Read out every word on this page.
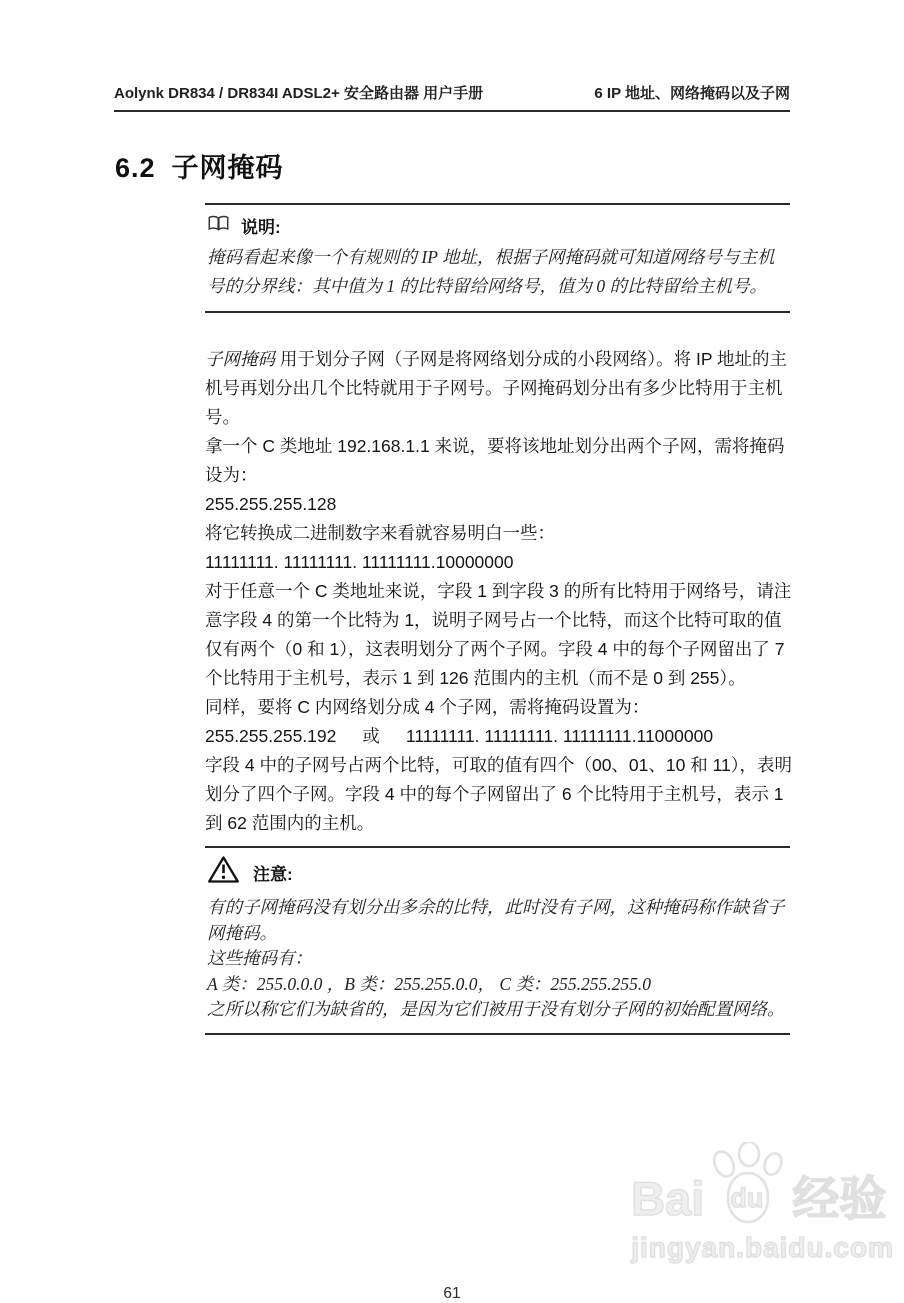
Aolynk DR834 / DR834I ADSL2+ 安全路由器 用户手册	6 IP 地址、网络掩码以及子网
6.2 子网掩码
说明:
掩码看起来像一个有规则的 IP 地址，根据子网掩码就可知道网络号与主机号的分界线：其中值为 1 的比特留给网络号，值为 0 的比特留给主机号。

子网掩码 用于划分子网（子网是将网络划分成的小段网络）。将 IP 地址的主机号再划分出几个比特就用于子网号。子网掩码划分出有多少比特用于主机号。

拿一个 C 类地址 192.168.1.1 来说，要将该地址划分出两个子网，需将掩码设为：

255.255.255.128

将它转换成二进制数字来看就容易明白一些：

11111111. 11111111. 11111111.10000000

对于任意一个 C 类地址来说，字段 1 到字段 3 的所有比特用于网络号，请注意字段 4 的第一个比特为 1，说明子网号占一个比特，而这个比特可取的值仅有两个（0 和 1），这表明划分了两个子网。字段 4 中的每个子网留出了 7 个比特用于主机号，表示 1 到 126 范围内的主机（而不是 0 到 255）。

同样，要将 C 内网络划分成 4 个子网，需将掩码设置为：

255.255.255.192 或 11111111. 11111111. 11111111.11000000

字段 4 中的子网号占两个比特，可取的值有四个（00、01、10 和 11），表明划分了四个子网。字段 4 中的每个子网留出了 6 个比特用于主机号，表示 1 到 62 范围内的主机。

注意:
有的子网掩码没有划分出多余的比特，此时没有子网，这种掩码称作缺省子网掩码。
这些掩码有：
A 类：255.0.0.0 ，B 类：255.255.0.0， C 类：255.255.255.0
之所以称它们为缺省的，是因为它们被用于没有划分子网的初始配置网络。
61
Bai du 经验
jingyan.baidu.com
